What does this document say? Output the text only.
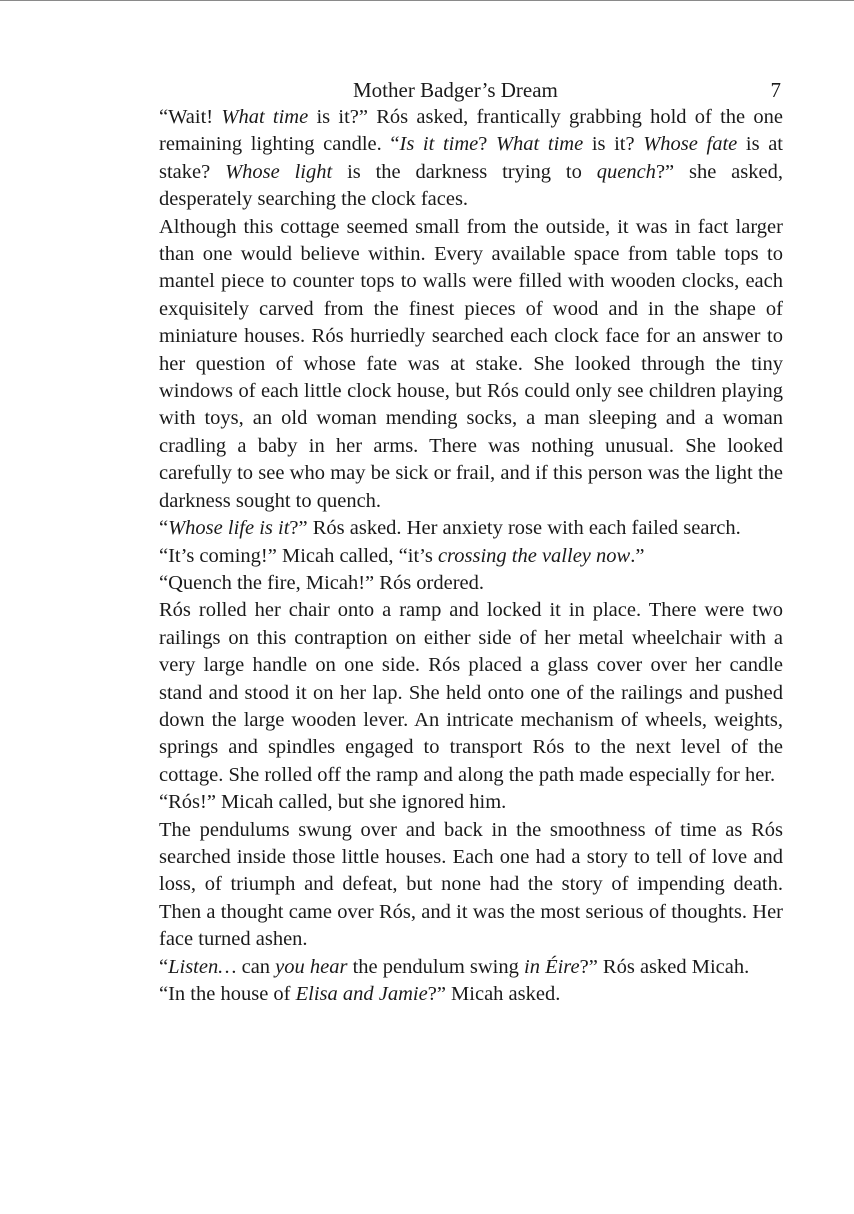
Mother Badger’s Dream	7

“Wait! What time is it?” Rós asked, frantically grabbing hold of the one remaining lighting candle. “Is it time? What time is it? Whose fate is at stake? Whose light is the darkness trying to quench?” she asked, desperately searching the clock faces.

Although this cottage seemed small from the outside, it was in fact larger than one would believe within. Every available space from table tops to mantel piece to counter tops to walls were filled with wooden clocks, each exquisitely carved from the finest pieces of wood and in the shape of miniature houses. Rós hurriedly searched each clock face for an answer to her question of whose fate was at stake. She looked through the tiny windows of each little clock house, but Rós could only see children playing with toys, an old woman mending socks, a man sleeping and a woman cradling a baby in her arms. There was nothing unusual. She looked carefully to see who may be sick or frail, and if this person was the light the darkness sought to quench.

“Whose life is it?” Rós asked. Her anxiety rose with each failed search.

“It’s coming!” Micah called, “it’s crossing the valley now.”

“Quench the fire, Micah!” Rós ordered.

Rós rolled her chair onto a ramp and locked it in place. There were two railings on this contraption on either side of her metal wheelchair with a very large handle on one side. Rós placed a glass cover over her candle stand and stood it on her lap. She held onto one of the railings and pushed down the large wooden lever. An intricate mechanism of wheels, weights, springs and spindles engaged to transport Rós to the next level of the cottage. She rolled off the ramp and along the path made especially for her.

“Rós!” Micah called, but she ignored him.

The pendulums swung over and back in the smoothness of time as Rós searched inside those little houses. Each one had a story to tell of love and loss, of triumph and defeat, but none had the story of impending death. Then a thought came over Rós, and it was the most serious of thoughts. Her face turned ashen.

“Listen… can you hear the pendulum swing in Éire?” Rós asked Micah.

“In the house of Elisa and Jamie?” Micah asked.
